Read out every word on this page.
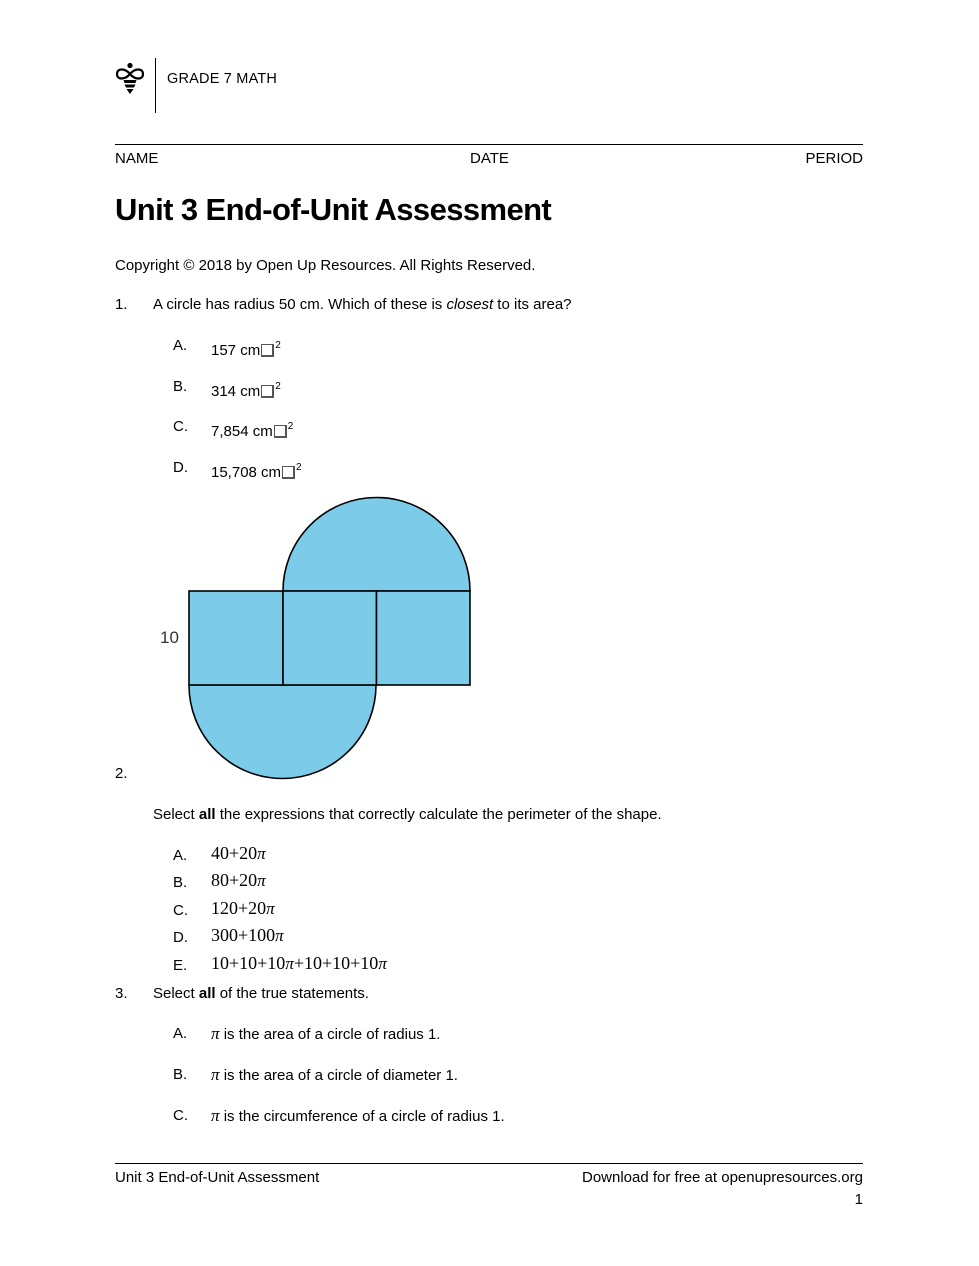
GRADE 7 MATH
NAME	DATE	PERIOD
Unit 3 End-of-Unit Assessment
Copyright © 2018 by Open Up Resources. All Rights Reserved.
1. A circle has radius 50 cm. Which of these is closest to its area?
A. 157 cm $^2$
B. 314 cm $^2$
C. 7,854 cm $^2$
D. 15,708 cm $^2$
10
2.
Select all the expressions that correctly calculate the perimeter of the shape.
A. 40+20π
B. 80+20π
C. 120+20π
D. 300+100π
E. 10+10+10π+10+10+10π
3. Select all of the true statements.
A. π is the area of a circle of radius 1.
B. π is the area of a circle of diameter 1.
C. π is the circumference of a circle of radius 1.
Unit 3 End-of-Unit Assessment	Download for free at openupresources.org
1
